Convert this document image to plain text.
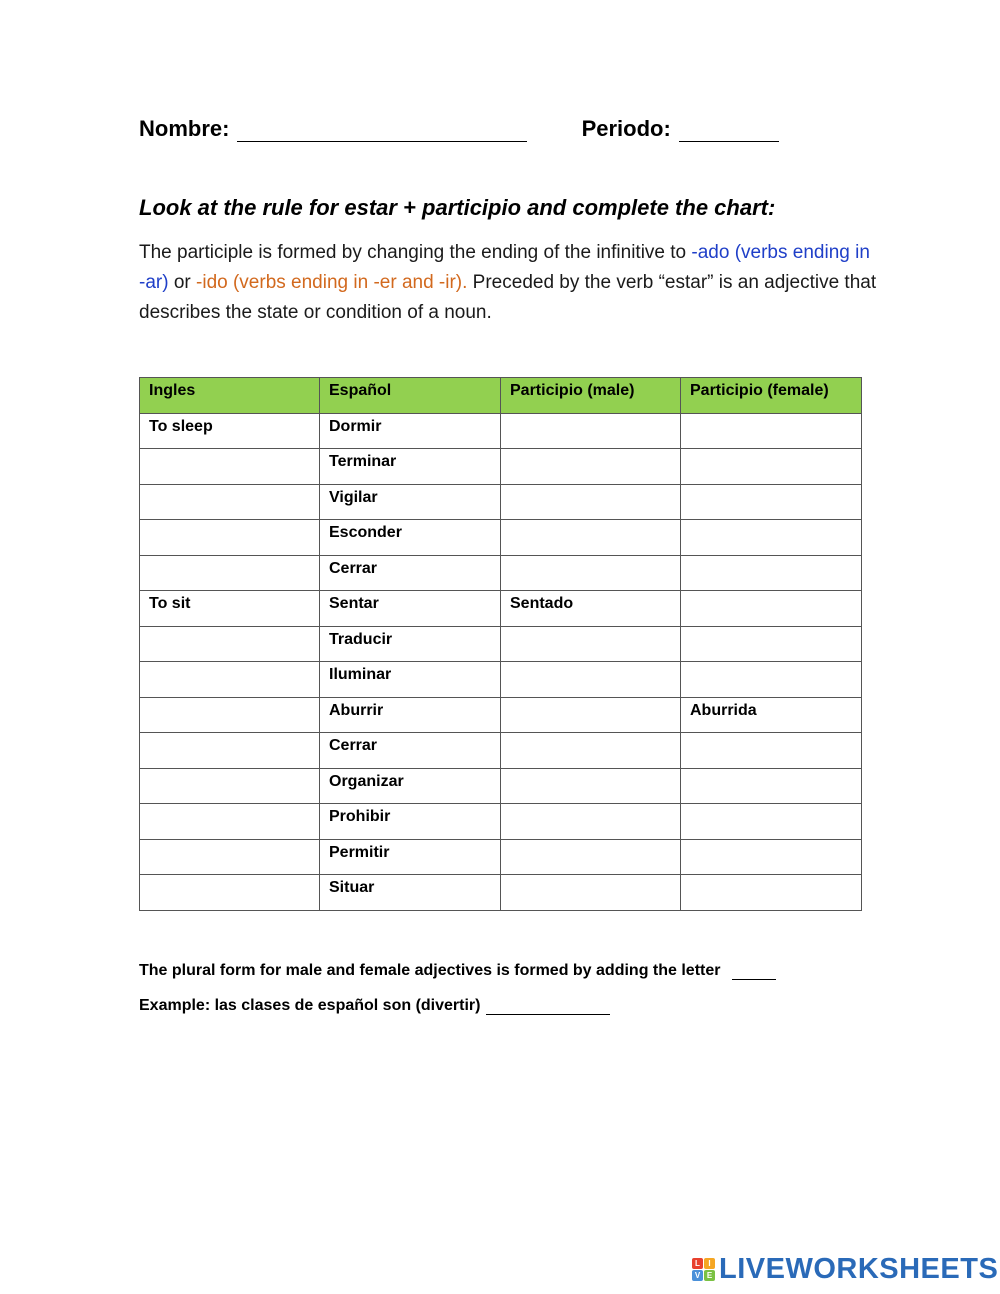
Nombre:	Periodo:
Look at the rule for estar + participio and complete the chart:
The participle is formed by changing the ending of the infinitive to -ado (verbs ending in -ar) or -ido (verbs ending in -er and -ir). Preceded by the verb “estar” is an adjective that describes the state or condition of a noun.
Ingles	Español	Participio (male)	Participio (female)
To sleep	Dormir		
	Terminar		
	Vigilar		
	Esconder		
	Cerrar		
To sit	Sentar	Sentado	
	Traducir		
	Iluminar		
	Aburrir		Aburrida
	Cerrar		
	Organizar		
	Prohibir		
	Permitir		
	Situar		
The plural form for male and female adjectives is formed by adding the letter
Example: las clases de español son (divertir)
L	I
V E LIVEWORKSHEETS
